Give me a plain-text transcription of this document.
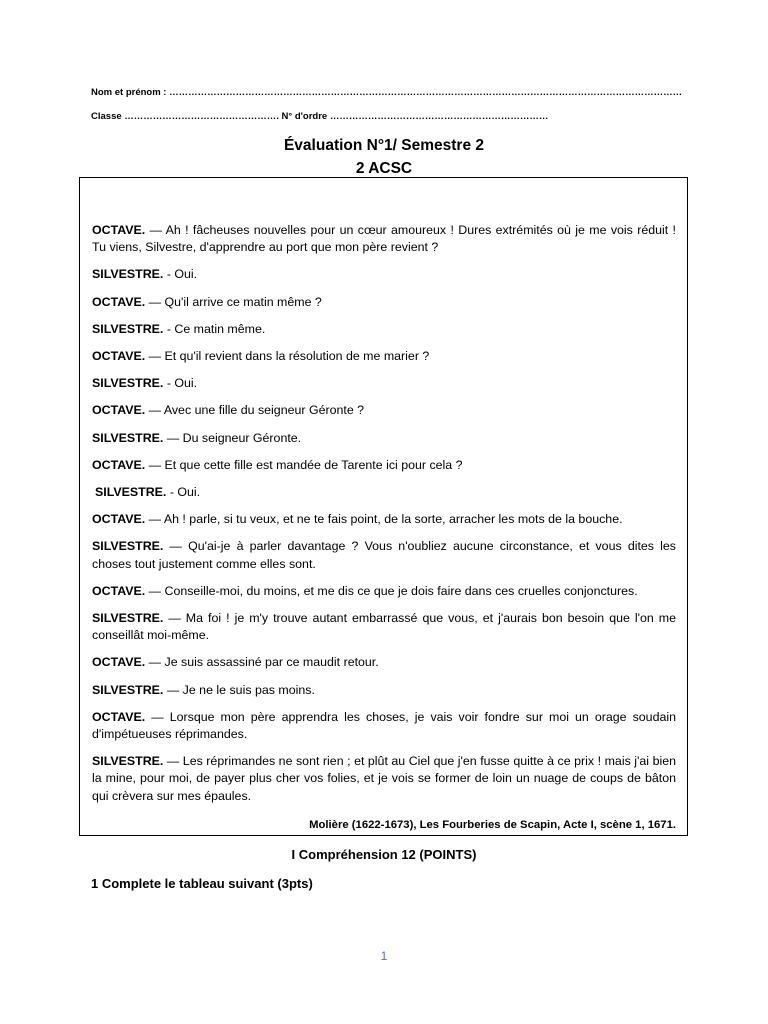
Nom et prénom : ………………………………………………………………………………………………………………………………………………
Classe …………………………………………. N° d'ordre ……………………………………………………………
Évaluation N°1/ Semestre 2
2 ACSC

OCTAVE. — Ah ! fâcheuses nouvelles pour un cœur amoureux ! Dures extrémités où je me vois réduit ! Tu viens, Silvestre, d'apprendre au port que mon père revient ?

SILVESTRE. - Oui.

OCTAVE. — Qu'il arrive ce matin même ?

SILVESTRE. - Ce matin même.

OCTAVE. — Et qu'il revient dans la résolution de me marier ?

SILVESTRE. - Oui.

OCTAVE. — Avec une fille du seigneur Géronte ?

SILVESTRE. — Du seigneur Géronte.

OCTAVE. — Et que cette fille est mandée de Tarente ici pour cela ?

SILVESTRE. - Oui.

OCTAVE. — Ah ! parle, si tu veux, et ne te fais point, de la sorte, arracher les mots de la bouche.

SILVESTRE. — Qu'ai-je à parler davantage ? Vous n'oubliez aucune circonstance, et vous dites les choses tout justement comme elles sont.

OCTAVE. — Conseille-moi, du moins, et me dis ce que je dois faire dans ces cruelles conjonctures.

SILVESTRE. — Ma foi ! je m'y trouve autant embarrassé que vous, et j'aurais bon besoin que l'on me conseillât moi-même.

OCTAVE. — Je suis assassiné par ce maudit retour.

SILVESTRE. — Je ne le suis pas moins.

OCTAVE. — Lorsque mon père apprendra les choses, je vais voir fondre sur moi un orage soudain d'impétueuses réprimandes.

SILVESTRE. — Les réprimandes ne sont rien ; et plût au Ciel que j'en fusse quitte à ce prix ! mais j'ai bien la mine, pour moi, de payer plus cher vos folies, et je vois se former de loin un nuage de coups de bâton qui crèvera sur mes épaules.

Molière (1622-1673), Les Fourberies de Scapin, Acte I, scène 1, 1671.
I Compréhension 12 (POINTS)
1 Complete le tableau suivant (3pts)
1
